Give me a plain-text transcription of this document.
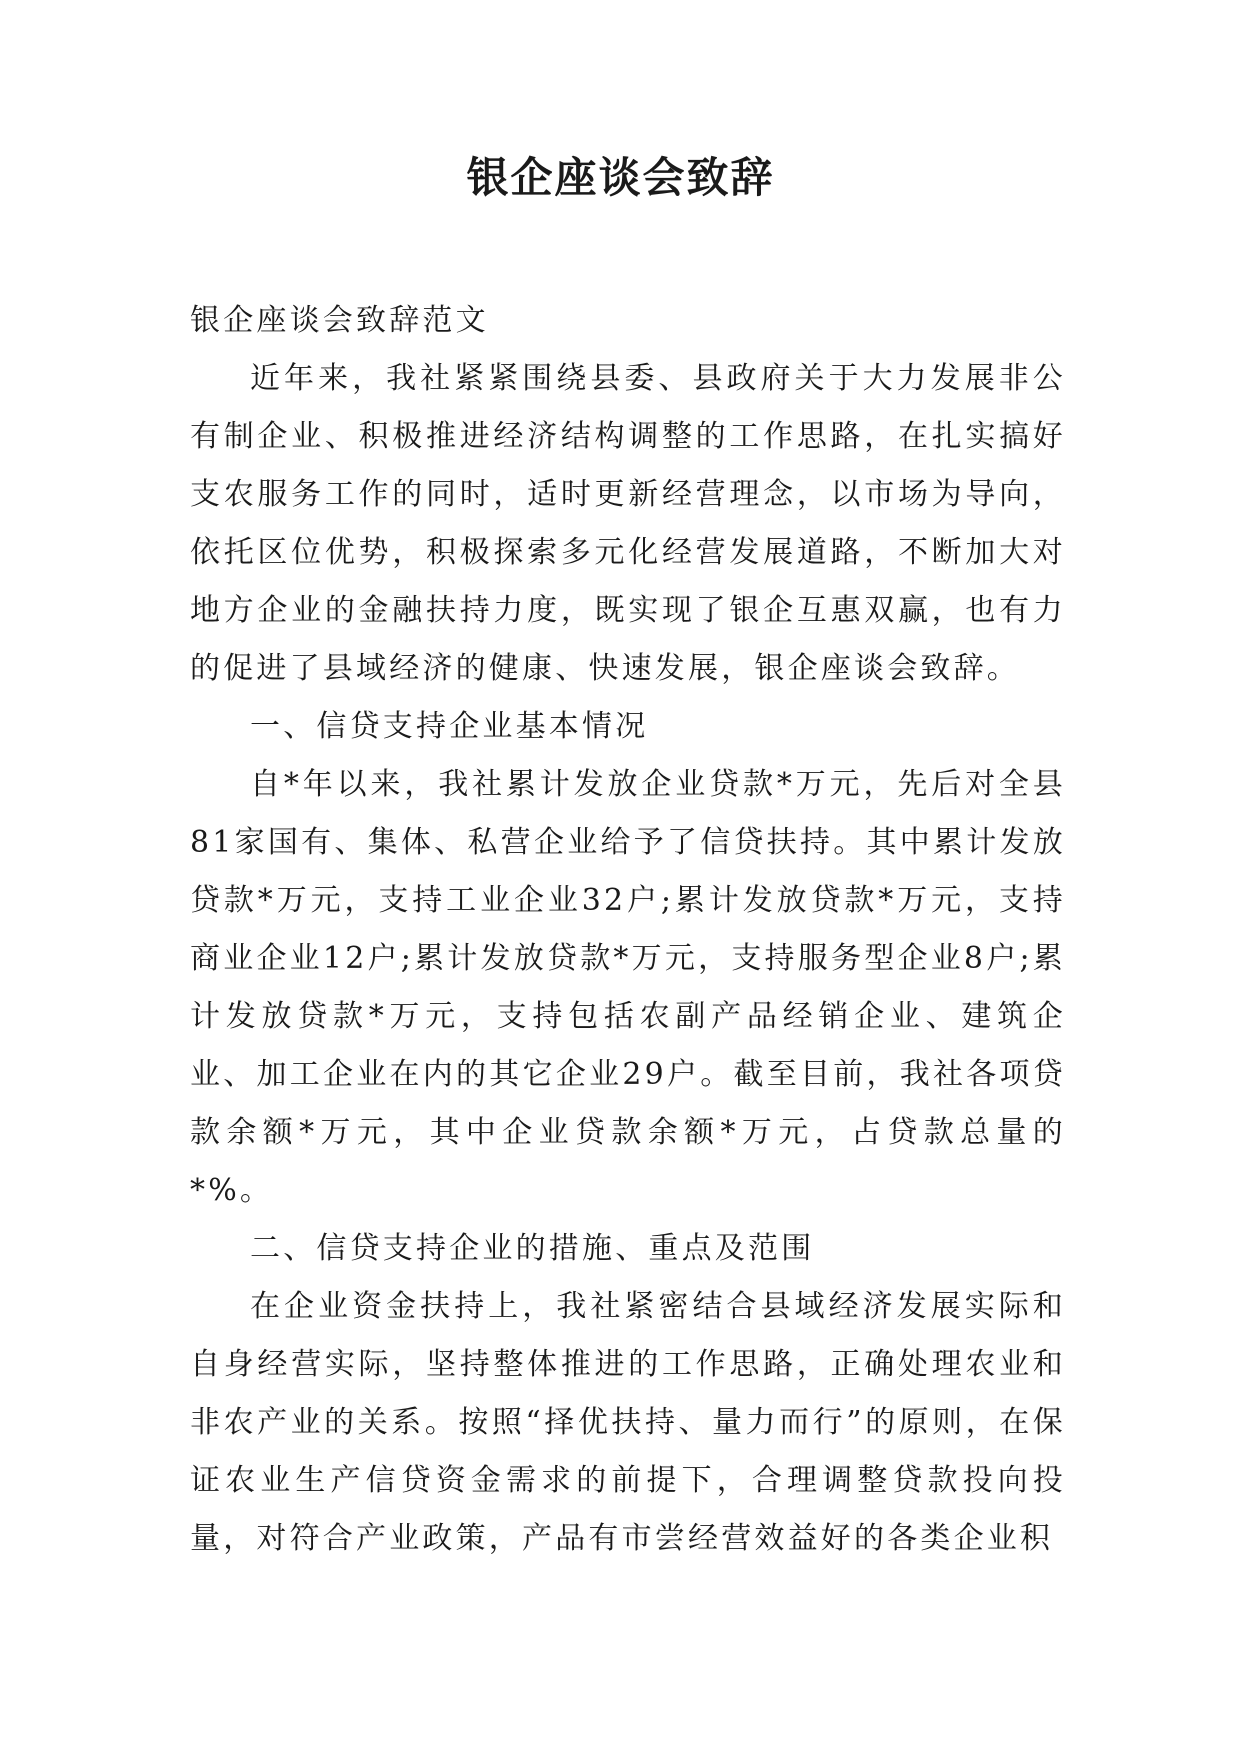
银企座谈会致辞

银企座谈会致辞范文

近年来，我社紧紧围绕县委、县政府关于大力发展非公有制企业、积极推进经济结构调整的工作思路，在扎实搞好支农服务工作的同时，适时更新经营理念，以市场为导向，依托区位优势，积极探索多元化经营发展道路，不断加大对地方企业的金融扶持力度，既实现了银企互惠双赢，也有力的促进了县域经济的健康、快速发展，银企座谈会致辞。

一、信贷支持企业基本情况

自*年以来，我社累计发放企业贷款*万元，先后对全县81家国有、集体、私营企业给予了信贷扶持。其中累计发放贷款*万元，支持工业企业32户;累计发放贷款*万元，支持商业企业12户;累计发放贷款*万元，支持服务型企业8户;累计发放贷款*万元，支持包括农副产品经销企业、建筑企业、加工企业在内的其它企业29户。截至目前，我社各项贷款余额*万元，其中企业贷款余额*万元，占贷款总量的*%。

二、信贷支持企业的措施、重点及范围

在企业资金扶持上，我社紧密结合县域经济发展实际和自身经营实际，坚持整体推进的工作思路，正确处理农业和非农产业的关系。按照“择优扶持、量力而行”的原则，在保证农业生产信贷资金需求的前提下，合理调整贷款投向投量，对符合产业政策，产品有市尝经营效益好的各类企业积
